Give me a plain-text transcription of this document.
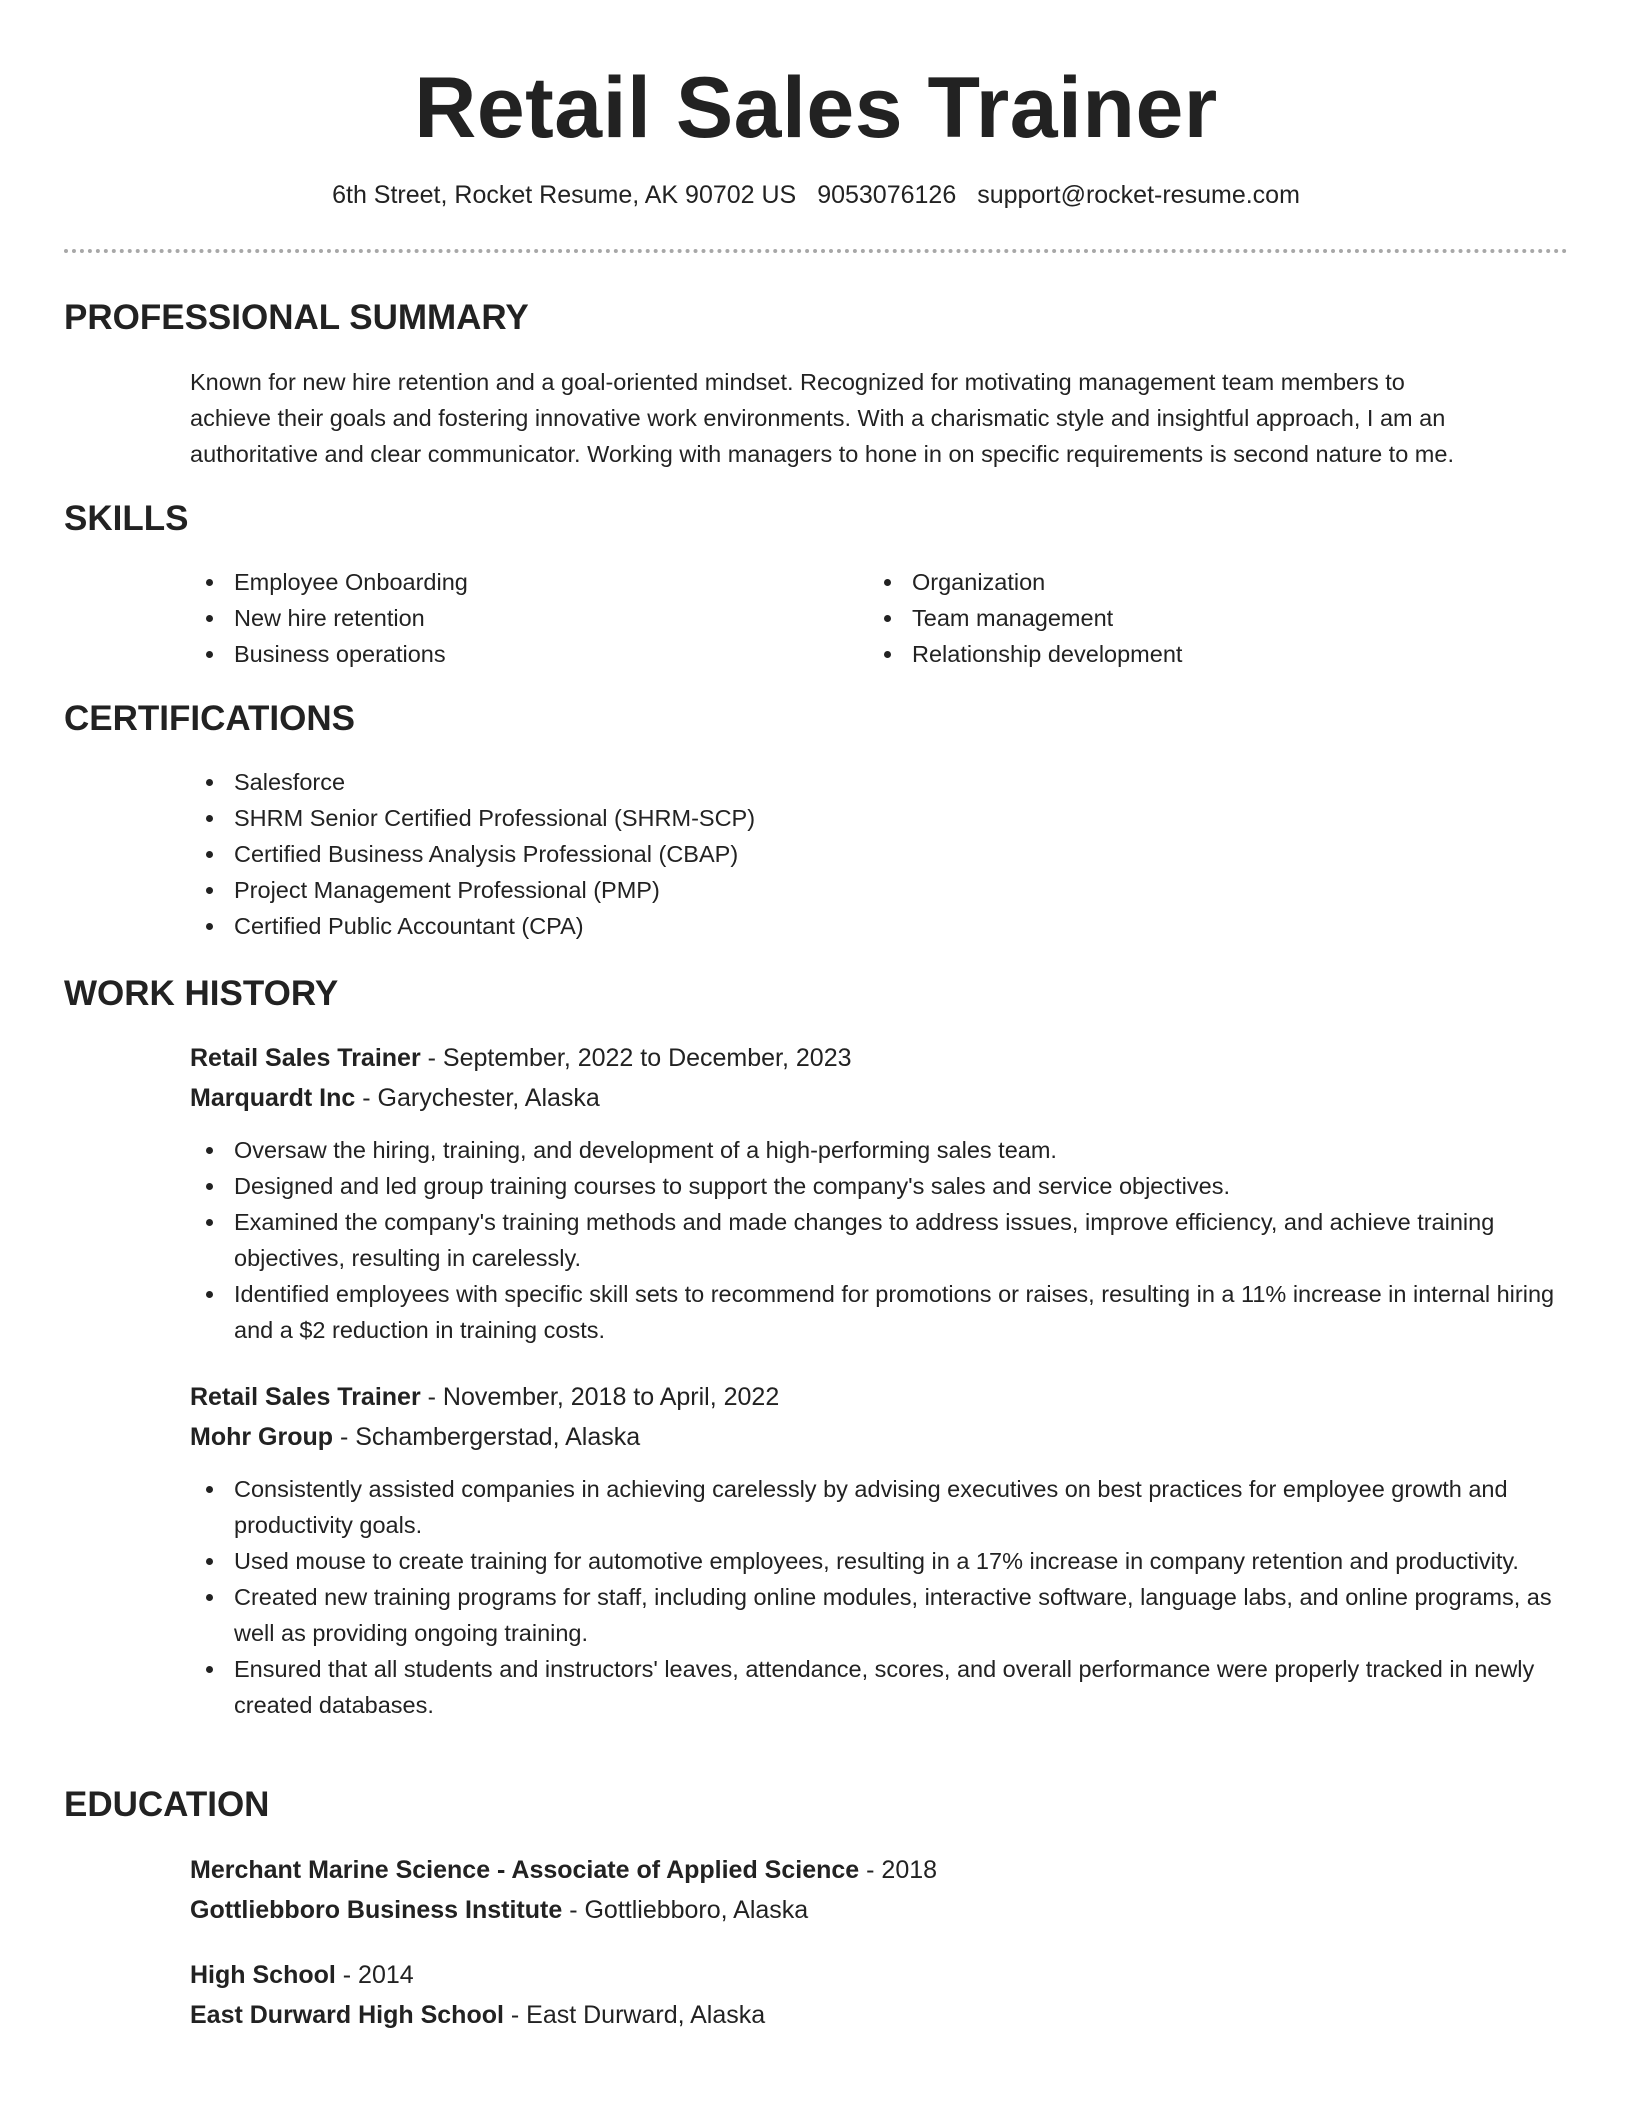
Retail Sales Trainer
6th Street, Rocket Resume, AK 90702 US 9053076126 support@rocket-resume.com
PROFESSIONAL SUMMARY
Known for new hire retention and a goal-oriented mindset. Recognized for motivating management team members to
achieve their goals and fostering innovative work environments. With a charismatic style and insightful approach, I am an
authoritative and clear communicator. Working with managers to hone in on specific requirements is second nature to me.
SKILLS
Employee Onboarding
New hire retention
Business operations
Organization
Team management
Relationship development
CERTIFICATIONS
Salesforce
SHRM Senior Certified Professional (SHRM-SCP)
Certified Business Analysis Professional (CBAP)
Project Management Professional (PMP)
Certified Public Accountant (CPA)
WORK HISTORY
Retail Sales Trainer - September, 2022 to December, 2023
Marquardt Inc - Garychester, Alaska
Oversaw the hiring, training, and development of a high-performing sales team.
Designed and led group training courses to support the company's sales and service objectives.
Examined the company's training methods and made changes to address issues, improve efficiency, and achieve training objectives, resulting in carelessly.
Identified employees with specific skill sets to recommend for promotions or raises, resulting in a 11% increase in internal hiring and a $2 reduction in training costs.
Retail Sales Trainer - November, 2018 to April, 2022
Mohr Group - Schambergerstad, Alaska
Consistently assisted companies in achieving carelessly by advising executives on best practices for employee growth and productivity goals.
Used mouse to create training for automotive employees, resulting in a 17% increase in company retention and productivity.
Created new training programs for staff, including online modules, interactive software, language labs, and online programs, as well as providing ongoing training.
Ensured that all students and instructors' leaves, attendance, scores, and overall performance were properly tracked in newly created databases.
EDUCATION
Merchant Marine Science - Associate of Applied Science - 2018
Gottliebboro Business Institute - Gottliebboro, Alaska
High School - 2014
East Durward High School - East Durward, Alaska
